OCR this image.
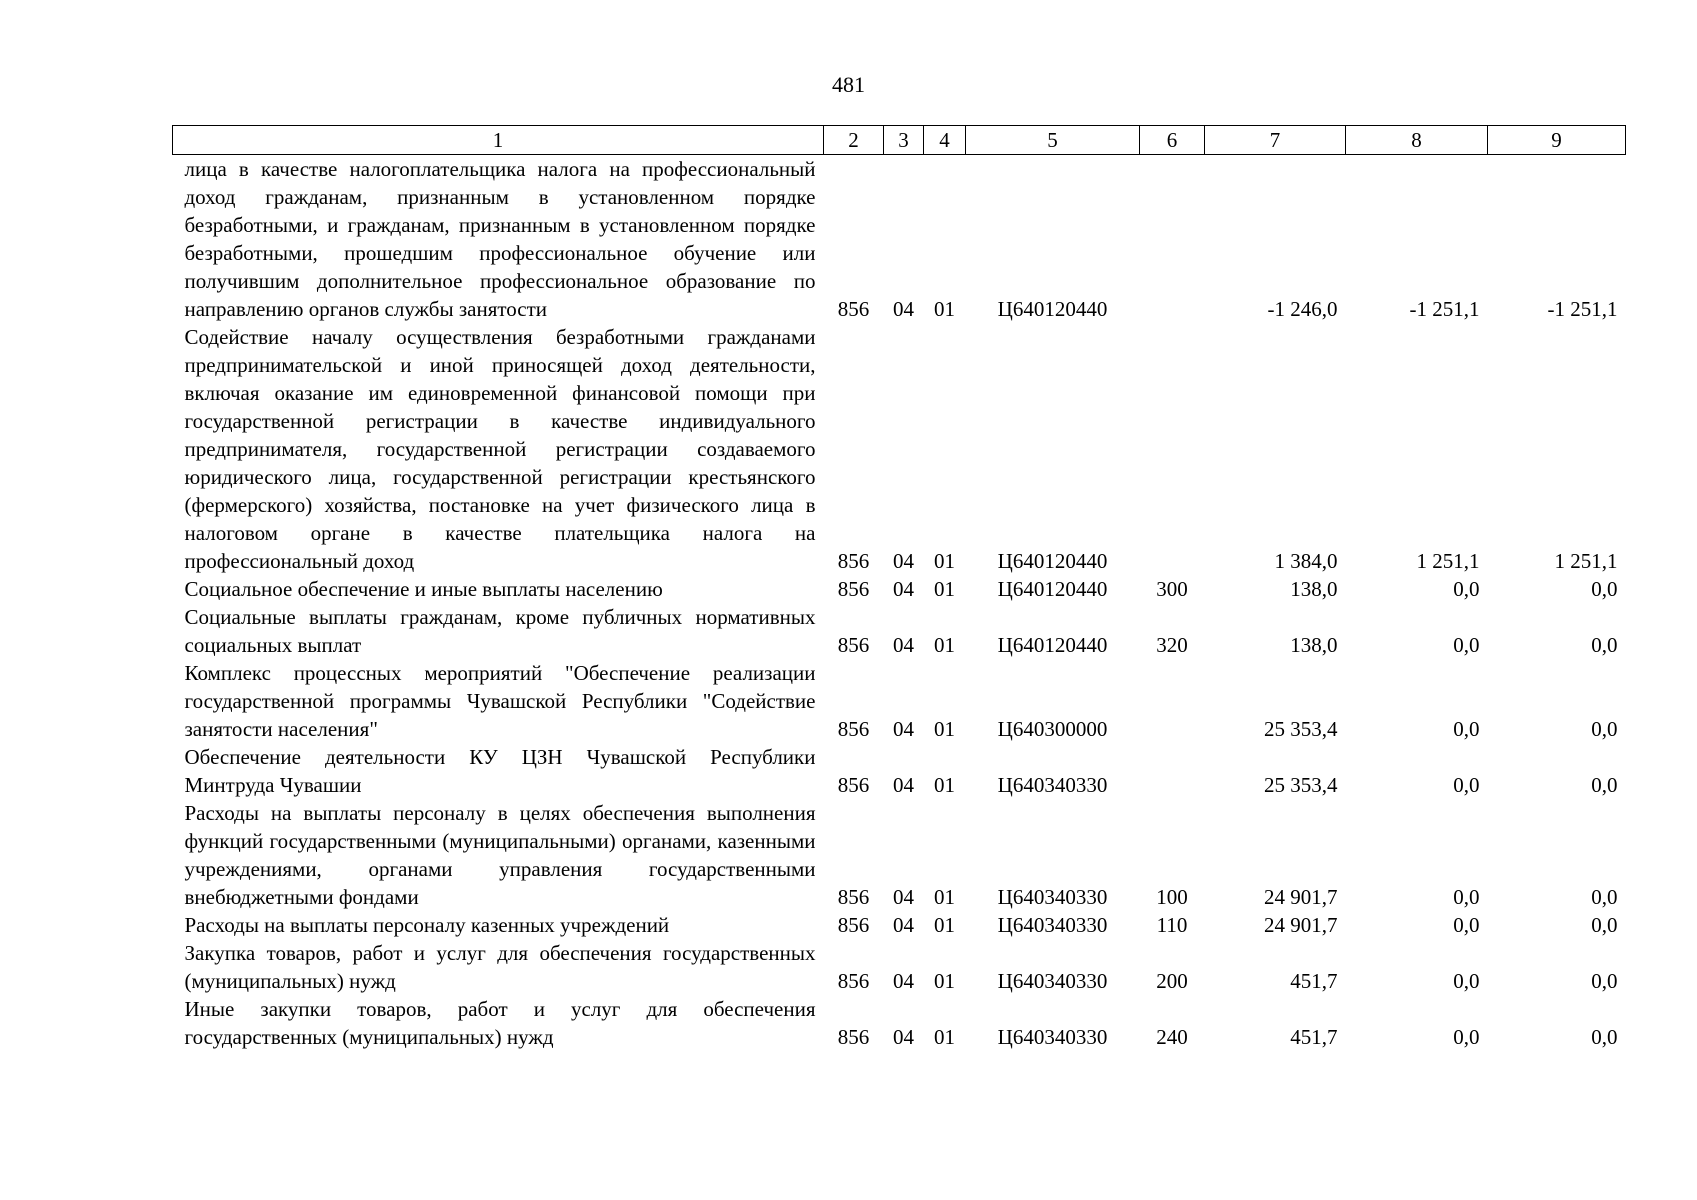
481
1	2	3	4	5	6	7	8	9
лица в качестве налогоплательщика налога на профессиональный доход гражданам, признанным в установленном порядке безработными, и гражданам, признанным в установленном порядке безработными, прошедшим профессиональное обучение или получившим дополнительное профессиональное образование по направлению органов службы занятости	856	04	01	Ц640120440		-1 246,0	-1 251,1	-1 251,1
Содействие началу осуществления безработными гражданами предпринимательской и иной приносящей доход деятельности, включая оказание им единовременной финансовой помощи при государственной регистрации в качестве индивидуального предпринимателя, государственной регистрации создаваемого юридического лица, государственной регистрации крестьянского (фермерского) хозяйства, постановке на учет физического лица в налоговом органе в качестве плательщика налога на профессиональный доход	856	04	01	Ц640120440		1 384,0	1 251,1	1 251,1
Социальное обеспечение и иные выплаты населению	856	04	01	Ц640120440	300	138,0	0,0	0,0
Социальные выплаты гражданам, кроме публичных нормативных социальных выплат	856	04	01	Ц640120440	320	138,0	0,0	0,0
Комплекс процессных мероприятий "Обеспечение реализации государственной программы Чувашской Республики "Содействие занятости населения"	856	04	01	Ц640300000		25 353,4	0,0	0,0
Обеспечение деятельности КУ ЦЗН Чувашской Республики Минтруда Чувашии	856	04	01	Ц640340330		25 353,4	0,0	0,0
Расходы на выплаты персоналу в целях обеспечения выполнения функций государственными (муниципальными) органами, казенными учреждениями, органами управления государственными внебюджетными фондами	856	04	01	Ц640340330	100	24 901,7	0,0	0,0
Расходы на выплаты персоналу казенных учреждений	856	04	01	Ц640340330	110	24 901,7	0,0	0,0
Закупка товаров, работ и услуг для обеспечения государственных (муниципальных) нужд	856	04	01	Ц640340330	200	451,7	0,0	0,0
Иные закупки товаров, работ и услуг для обеспечения государственных (муниципальных) нужд	856	04	01	Ц640340330	240	451,7	0,0	0,0
